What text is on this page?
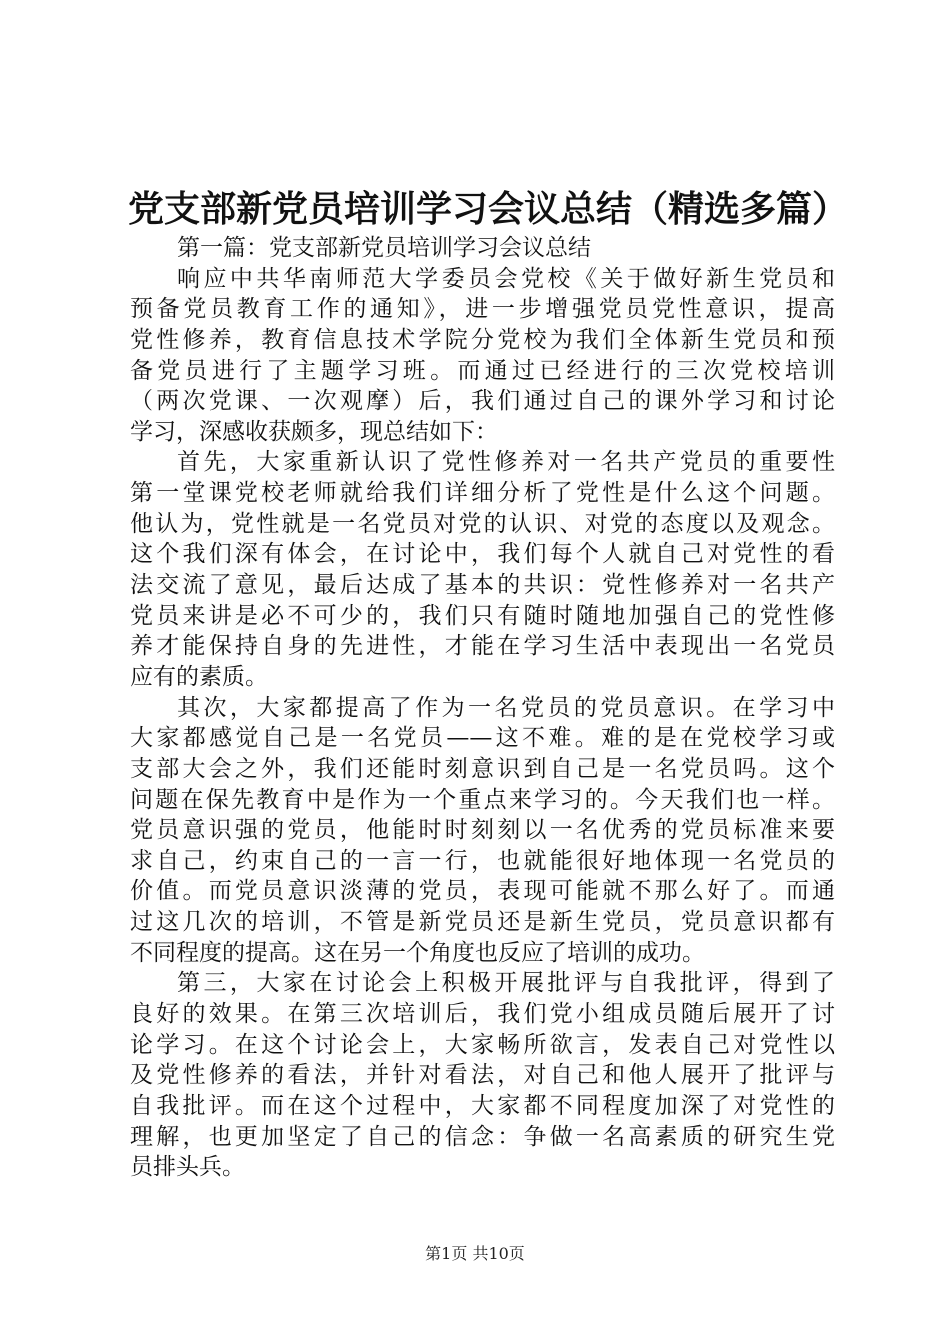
党支部新党员培训学习会议总结（精选多篇）
第一篇：党支部新党员培训学习会议总结
响应中共华南师范大学委员会党校《关于做好新生党员和
预备党员教育工作的通知》，进一步增强党员党性意识，提高
党性修养，教育信息技术学院分党校为我们全体新生党员和预
备党员进行了主题学习班。而通过已经进行的三次党校培训
（两次党课、一次观摩）后，我们通过自己的课外学习和讨论
学习，深感收获颇多，现总结如下：
首先，大家重新认识了党性修养对一名共产党员的重要性
第一堂课党校老师就给我们详细分析了党性是什么这个问题。
他认为，党性就是一名党员对党的认识、对党的态度以及观念。
这个我们深有体会，在讨论中，我们每个人就自己对党性的看
法交流了意见，最后达成了基本的共识：党性修养对一名共产
党员来讲是必不可少的，我们只有随时随地加强自己的党性修
养才能保持自身的先进性，才能在学习生活中表现出一名党员
应有的素质。
其次，大家都提高了作为一名党员的党员意识。在学习中
大家都感觉自己是一名党员——这不难。难的是在党校学习或
支部大会之外，我们还能时刻意识到自己是一名党员吗。这个
问题在保先教育中是作为一个重点来学习的。今天我们也一样。
党员意识强的党员，他能时时刻刻以一名优秀的党员标准来要
求自己，约束自己的一言一行，也就能很好地体现一名党员的
价值。而党员意识淡薄的党员，表现可能就不那么好了。而通
过这几次的培训，不管是新党员还是新生党员，党员意识都有
不同程度的提高。这在另一个角度也反应了培训的成功。
第三，大家在讨论会上积极开展批评与自我批评，得到了
良好的效果。在第三次培训后，我们党小组成员随后展开了讨
论学习。在这个讨论会上，大家畅所欲言，发表自己对党性以
及党性修养的看法，并针对看法，对自己和他人展开了批评与
自我批评。而在这个过程中，大家都不同程度加深了对党性的
理解，也更加坚定了自己的信念：争做一名高素质的研究生党
员排头兵。
第1页 共10页
